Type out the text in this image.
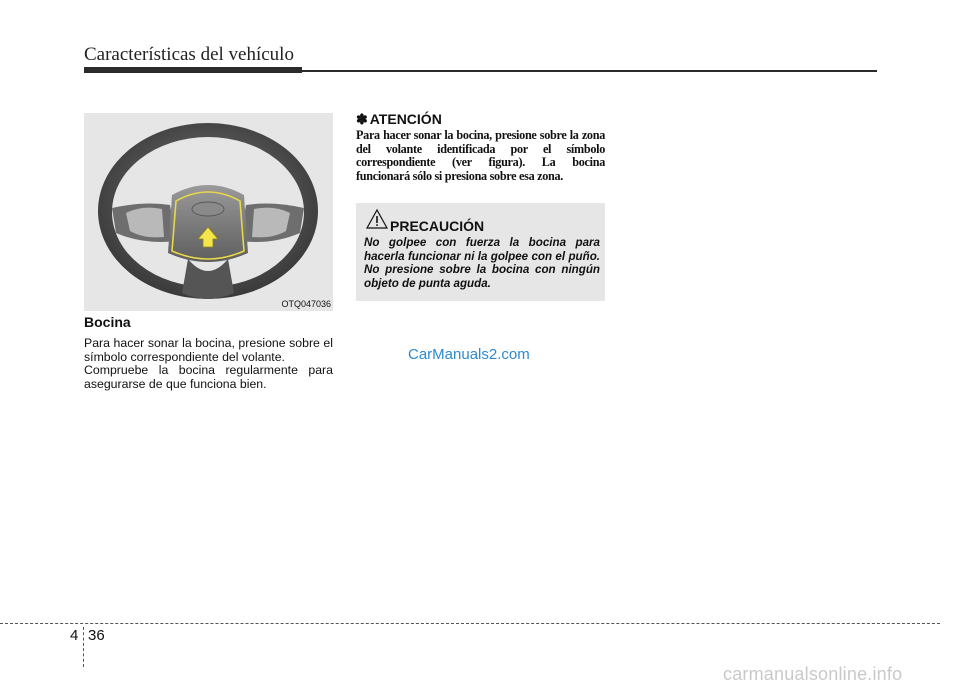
Características del vehículo
OTQ047036
Bocina

Para hacer sonar la bocina, presione sobre el símbolo correspondiente del volante.

Compruebe la bocina regularmente para asegurarse de que funciona bien.

✽ ATENCIÓN
Para hacer sonar la bocina, presione sobre la zona del volante identificada por el símbolo correspondiente (ver figura). La bocina funcionará sólo si presiona sobre esa zona.
PRECAUCIÓN
No golpee con fuerza la bocina para hacerla funcionar ni la golpee con el puño. No presione sobre la bocina con ningún objeto de punta aguda.
CarManuals2.com
4 36
carmanualsonline.info
